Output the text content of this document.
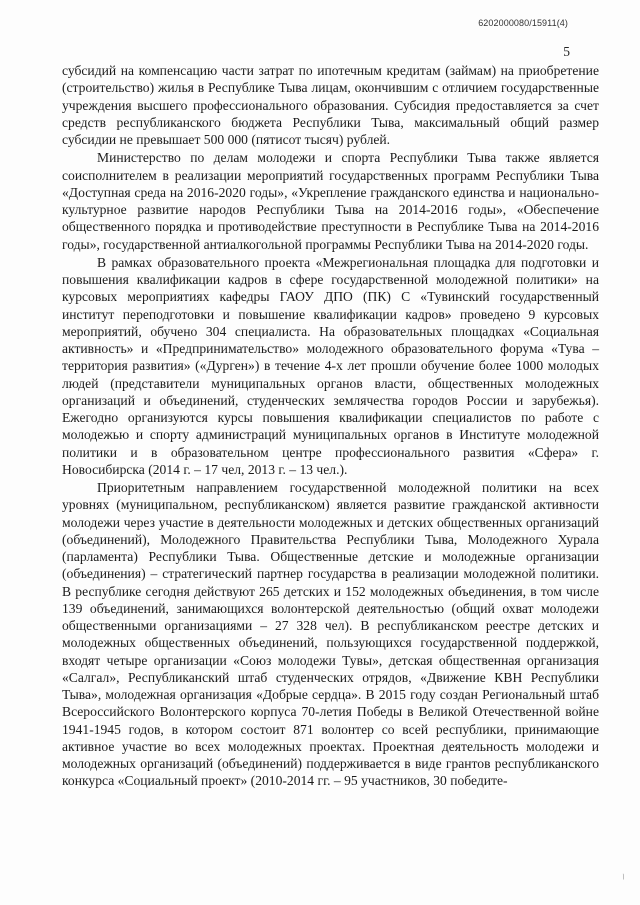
6202000080/15911(4)
5

субсидий на компенсацию части затрат по ипотечным кредитам (займам) на приобретение (строительство) жилья в Республике Тыва лицам, окончившим с отличием государственные учреждения высшего профессионального образования. Субсидия предоставляется за счет средств республиканского бюджета Республики Тыва, максимальный общий размер субсидии не превышает 500 000 (пятисот тысяч) рублей.

Министерство по делам молодежи и спорта Республики Тыва также является соисполнителем в реализации мероприятий государственных программ Республики Тыва «Доступная среда на 2016-2020 годы», «Укрепление гражданского единства и национально-культурное развитие народов Республики Тыва на 2014-2016 годы», «Обеспечение общественного порядка и противодействие преступности в Республике Тыва на 2014-2016 годы», государственной антиалкогольной программы Республики Тыва на 2014-2020 годы.

В рамках образовательного проекта «Межрегиональная площадка для подготовки и повышения квалификации кадров в сфере государственной молодежной политики» на курсовых мероприятиях кафедры ГАОУ ДПО (ПК) С «Тувинский государственный институт переподготовки и повышение квалификации кадров» проведено 9 курсовых мероприятий, обучено 304 специалиста. На образовательных площадках «Социальная активность» и «Предпринимательство» молодежного образовательного форума «Тува – территория развития» («Дурген») в течение 4-х лет прошли обучение более 1000 молодых людей (представители муниципальных органов власти, общественных молодежных организаций и объединений, студенческих землячества городов России и зарубежья). Ежегодно организуются курсы повышения квалификации специалистов по работе с молодежью и спорту администраций муниципальных органов в Институте молодежной политики и в образовательном центре профессионального развития «Сфера» г. Новосибирска (2014 г. – 17 чел, 2013 г. – 13 чел.).

Приоритетным направлением государственной молодежной политики на всех уровнях (муниципальном, республиканском) является развитие гражданской активности молодежи через участие в деятельности молодежных и детских общественных организаций (объединений), Молодежного Правительства Республики Тыва, Молодежного Хурала (парламента) Республики Тыва. Общественные детские и молодежные организации (объединения) – стратегический партнер государства в реализации молодежной политики. В республике сегодня действуют 265 детских и 152 молодежных объединения, в том числе 139 объединений, занимающихся волонтерской деятельностью (общий охват молодежи общественными организациями – 27 328 чел). В республиканском реестре детских и молодежных общественных объединений, пользующихся государственной поддержкой, входят четыре организации «Союз молодежи Тувы», детская общественная организация «Салгал», Республиканский штаб студенческих отрядов, «Движение КВН Республики Тыва», молодежная организация «Добрые сердца». В 2015 году создан Региональный штаб Всероссийского Волонтерского корпуса 70-летия Победы в Великой Отечественной войне 1941-1945 годов, в котором состоит 871 волонтер со всей республики, принимающие активное участие во всех молодежных проектах. Проектная деятельность молодежи и молодежных организаций (объединений) поддерживается в виде грантов республиканского конкурса «Социальный проект» (2010-2014 гг. – 95 участников, 30 победите-

⸝
